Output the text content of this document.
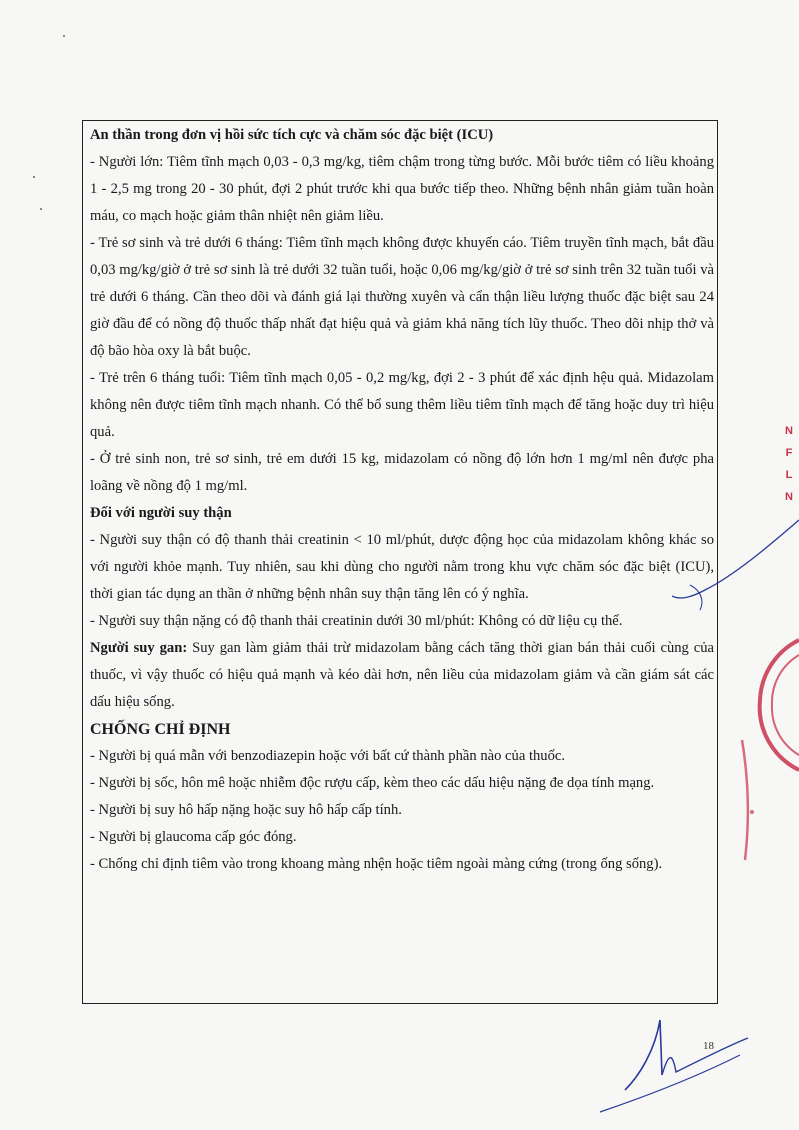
An thần trong đơn vị hồi sức tích cực và chăm sóc đặc biệt (ICU)

- Người lớn: Tiêm tĩnh mạch 0,03 - 0,3 mg/kg, tiêm chậm trong từng bước. Mỗi bước tiêm có liều khoảng 1 - 2,5 mg trong 20 - 30 phút, đợi 2 phút trước khi qua bước tiếp theo. Những bệnh nhân giảm tuần hoàn máu, co mạch hoặc giảm thân nhiệt nên giảm liều.

- Trẻ sơ sinh và trẻ dưới 6 tháng: Tiêm tĩnh mạch không được khuyến cáo. Tiêm truyền tĩnh mạch, bắt đầu 0,03 mg/kg/giờ ở trẻ sơ sinh là trẻ dưới 32 tuần tuổi, hoặc 0,06 mg/kg/giờ ở trẻ sơ sinh trên 32 tuần tuổi và trẻ dưới 6 tháng. Cần theo dõi và đánh giá lại thường xuyên và cẩn thận liều lượng thuốc đặc biệt sau 24 giờ đầu để có nồng độ thuốc thấp nhất đạt hiệu quả và giảm khả năng tích lũy thuốc. Theo dõi nhịp thở và độ bão hòa oxy là bắt buộc.

- Trẻ trên 6 tháng tuổi: Tiêm tĩnh mạch 0,05 - 0,2 mg/kg, đợi 2 - 3 phút để xác định hệu quả. Midazolam không nên được tiêm tĩnh mạch nhanh. Có thể bổ sung thêm liều tiêm tĩnh mạch để tăng hoặc duy trì hiệu quả.

- Ở trẻ sinh non, trẻ sơ sinh, trẻ em dưới 15 kg, midazolam có nồng độ lớn hơn 1 mg/ml nên được pha loãng về nồng độ 1 mg/ml.

Đối với người suy thận

- Người suy thận có độ thanh thải creatinin < 10 ml/phút, dược động học của midazolam không khác so với người khỏe mạnh. Tuy nhiên, sau khi dùng cho người nằm trong khu vực chăm sóc đặc biệt (ICU), thời gian tác dụng an thần ở những bệnh nhân suy thận tăng lên có ý nghĩa.

- Người suy thận nặng có độ thanh thải creatinin dưới 30 ml/phút: Không có dữ liệu cụ thể.

Người suy gan: Suy gan làm giảm thải trừ midazolam bằng cách tăng thời gian bán thải cuối cùng của thuốc, vì vậy thuốc có hiệu quả mạnh và kéo dài hơn, nên liều của midazolam giảm và cần giám sát các dấu hiệu sống.

CHỐNG CHỈ ĐỊNH

- Người bị quá mẫn với benzodiazepin hoặc với bất cứ thành phần nào của thuốc.

- Người bị sốc, hôn mê hoặc nhiễm độc rượu cấp, kèm theo các dấu hiệu nặng đe dọa tính mạng.

- Người bị suy hô hấp nặng hoặc suy hô hấp cấp tính.

- Người bị glaucoma cấp góc đóng.

- Chống chỉ định tiêm vào trong khoang màng nhện hoặc tiêm ngoài màng cứng (trong ống sống).

N
F
L
N
18
